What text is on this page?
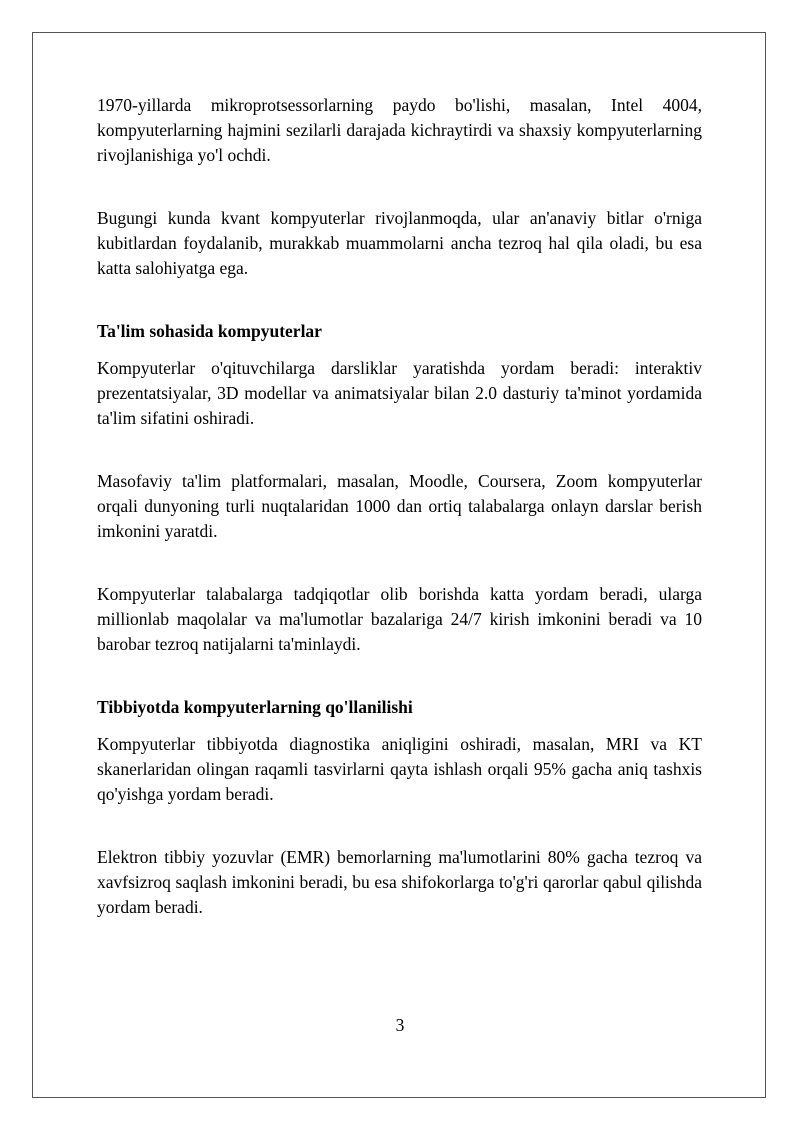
1970-yillarda mikroprotsessorlarning paydo bo'lishi, masalan, Intel 4004, kompyuterlarning hajmini sezilarli darajada kichraytirdi va shaxsiy kompyuterlarning rivojlanishiga yo'l ochdi.

Bugungi kunda kvant kompyuterlar rivojlanmoqda, ular an'anaviy bitlar o'rniga kubitlardan foydalanib, murakkab muammolarni ancha tezroq hal qila oladi, bu esa katta salohiyatga ega.

Ta'lim sohasida kompyuterlar

Kompyuterlar o'qituvchilarga darsliklar yaratishda yordam beradi: interaktiv prezentatsiyalar, 3D modellar va animatsiyalar bilan 2.0 dasturiy ta'minot yordamida ta'lim sifatini oshiradi.

Masofaviy ta'lim platformalari, masalan, Moodle, Coursera, Zoom kompyuterlar orqali dunyoning turli nuqtalaridan 1000 dan ortiq talabalarga onlayn darslar berish imkonini yaratdi.

Kompyuterlar talabalarga tadqiqotlar olib borishda katta yordam beradi, ularga millionlab maqolalar va ma'lumotlar bazalariga 24/7 kirish imkonini beradi va 10 barobar tezroq natijalarni ta'minlaydi.

Tibbiyotda kompyuterlarning qo'llanilishi

Kompyuterlar tibbiyotda diagnostika aniqligini oshiradi, masalan, MRI va KT skanerlaridan olingan raqamli tasvirlarni qayta ishlash orqali 95% gacha aniq tashxis qo'yishga yordam beradi.

Elektron tibbiy yozuvlar (EMR) bemorlarning ma'lumotlarini 80% gacha tezroq va xavfsizroq saqlash imkonini beradi, bu esa shifokorlarga to'g'ri qarorlar qabul qilishda yordam beradi.

3
